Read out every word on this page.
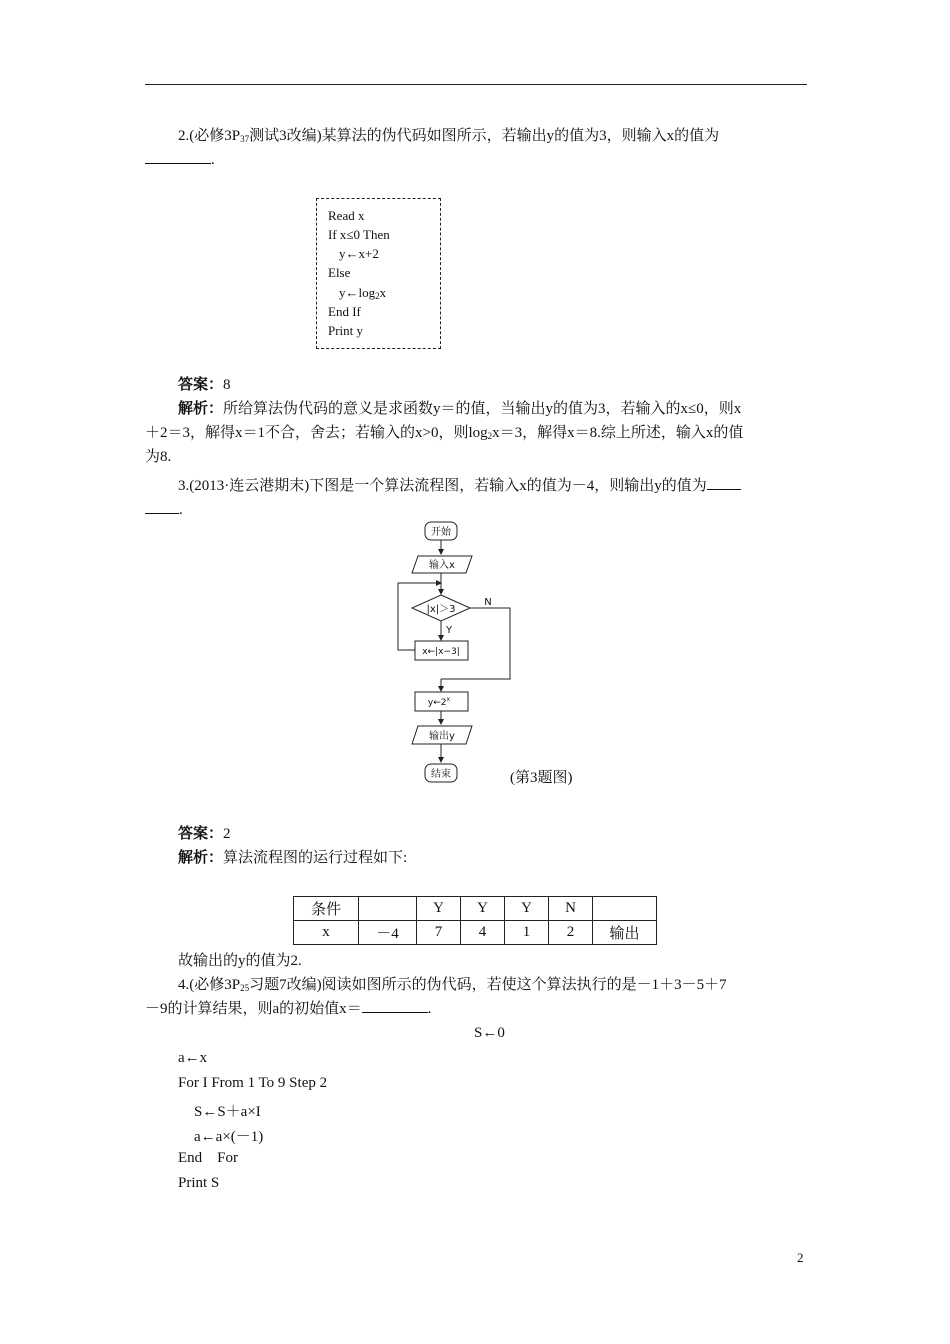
2.(必修$3P_{37}$测试3改编)某算法的伪代码如图所示，若输出y的值为3，则输入x的值为
.
Read x
If x≤0 Then
y←x+2
Else
$y\leftarrow\log_2x$
End If
Print y
答案：8
解析：所给算法伪代码的意义是求函数y＝的值，当输出y的值为3，若输入的x≤0，则x
＋2＝3，解得x＝1不合，舍去；若输入的x>0，则$\log_2x=3$，解得x＝8.综上所述，输入x的值
为8.
3.(2013·连云港期末)下图是一个算法流程图，若输入x的值为－4，则输出y的值为
.
开始
输入x
|x|＞3
Y
N
x←|x−3|
y←2$^x$
输出y
结束	(第3题图)
答案：2
解析：算法流程图的运行过程如下:
条件		Y	Y	Y	N	
x	－4	7	4	1	2	输出
故输出的y的值为2.
4.(必修$3P_{25}$习题7改编)阅读如图所示的伪代码，若使这个算法执行的是－1＋3－5＋7
－9的计算结果，则a的初始值x＝	.
S←0
a←x
For I From 1 To 9 Step 2
S←S＋a×I
a←a×(－1)
End    For
Print S
2
